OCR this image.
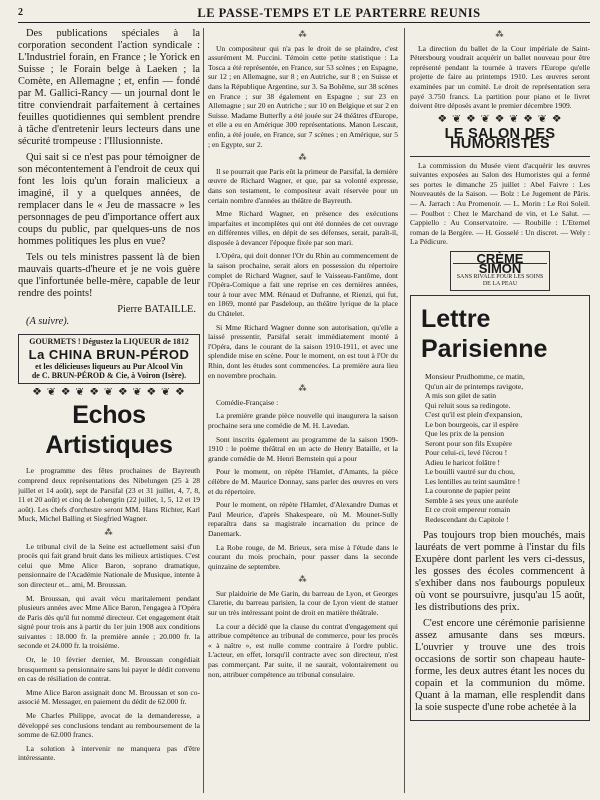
2	LE PASSE-TEMPS ET LE PARTERRE REUNIS

Des publications spéciales à la corporation secondent l'action syndicale : L'Industriel forain, en France ; le Yorick en Suisse ; le Forain belge à Laeken ; la Comète, en Allemagne ; et, enfin — fondé par M. Gallici-Rancy — un journal dont le titre conviendrait parfaitement à certaines feuilles quotidiennes qui semblent prendre à tâche d'entretenir leurs lecteurs dans une sécurité trompeuse : l'Illusionniste.

Qui sait si ce n'est pas pour témoigner de son mécontentement à l'endroit de ceux qui font les lois qu'un forain malicieux a imaginé, il y a quelques années, de remplacer dans le « Jeu de massacre » les personnages de peu d'importance offert aux coups du public, par quelques-uns de nos hommes politiques les plus en vue?

Tels ou tels ministres passent là de bien mauvais quarts-d'heure et je ne vois guère que l'infortunée belle-mère, capable de leur rendre des points!

Pierre BATAILLE.
(A suivre).
GOURMETS ! Dégustez la LIQUEUR de 1812
La CHINA BRUN-PÉROD
et les délicieuses liqueurs au Pur Alcool Vin
de C. BRUN-PÉROD & Cie, à Voiron (Isère).
❖ ❦ ❖ ❦ ❖ ❦ ❖ ❦ ❖ ❦ ❖
Echos Artistiques

Le programme des fêtes prochaines de Bayreuth comprend deux représentations des Nibelungen (25 à 28 juillet et 14 août), sept de Parsifal (23 et 31 juillet, 4, 7, 8, 11 et 20 août) et cinq de Lohengrin (22 juillet, 1, 5, 12 et 19 août). Les chefs d'orchestre seront MM. Hans Richter, Karl Muck, Michel Balling et Siegfried Wagner.

⁂

Le tribunal civil de la Seine est actuellement saisi d'un procès qui fait grand bruit dans les milieux artistiques. C'est celui que Mme Alice Baron, soprano dramatique, pensionnaire de l'Académie Nationale de Musique, intente à son directeur et... ami, M. Broussan.

M. Broussan, qui avait vécu maritalement pendant plusieurs années avec Mme Alice Baron, l'engagea à l'Opéra de Paris dès qu'il fut nommé directeur. Cet engagement était signé pour trois ans à partir du 1er juin 1908 aux conditions suivantes : 18.000 fr. la première année ; 20.000 fr. la seconde et 24.000 fr. la troisième.

Or, le 10 février dernier, M. Broussan congédiait brusquement sa pensionnaire sans lui payer le dédit convenu en cas de résiliation de contrat.

Mme Alice Baron assignait donc M. Broussan et son co-associé M. Messager, en paiement du dédit de 62.000 fr.

Me Charles Philippe, avocat de la demanderesse, a développé ses conclusions tendant au remboursement de la somme de 62.000 francs.

La solution à intervenir ne manquera pas d'être intéressante.

⁂

Un compositeur qui n'a pas le droit de se plaindre, c'est assurément M. Puccini. Témoin cette petite statistique : La Tosca a été représentée, en France, sur 53 scènes ; en Espagne, sur 12 ; en Allemagne, sur 8 ; en Autriche, sur 8 ; en Suisse et dans la République Argentine, sur 3. Sa Bohême, sur 38 scènes en France ; sur 38 également en Espagne ; sur 23 en Allemagne ; sur 20 en Autriche ; sur 10 en Belgique et sur 2 en Suisse. Madame Butterfly a été jouée sur 24 théâtres d'Europe, et elle a eu en Amérique 300 représentations. Manon Lescaut, enfin, a été jouée, en France, sur 7 scènes ; en Amérique, sur 5 ; en Egypte, sur 2.

⁂

Il se pourrait que Paris eût la primeur de Parsifal, la dernière œuvre de Richard Wagner, et que, par sa volonté expresse, dans son testament, le compositeur avait réservée pour un certain nombre d'années au théâtre de Bayreuth.

Mme Richard Wagner, en présence des exécutions imparfaites et incomplètes qui ont été données de cet ouvrage en différentes villes, en dépit de ses défenses, serait, paraît-il, disposée à devancer l'époque fixée par son mari.

L'Opéra, qui doit donner l'Or du Rhin au commencement de la saison prochaine, serait alors en possession du répertoire complet de Richard Wagner, sauf le Vaisseau-Fantôme, dont l'Opéra-Comique a fait une reprise en ces dernières années, tour à tour avec MM. Rénaud et Dufranne, et Rienzi, qui fut, en 1869, monté par Pasdeloup, au théâtre lyrique de la place du Châtelet.

Si Mme Richard Wagner donne son autorisation, qu'elle a laissé pressentir, Parsifal serait immédiatement monté à l'Opéra, dans le courant de la saison 1910-1911, et avec une splendide mise en scène. Pour le moment, on est tout à l'Or du Rhin, dont les études sont commencées. La première aura lieu en novembre prochain.

⁂

Comédie-Française :

La première grande pièce nouvelle qui inaugurera la saison prochaine sera une comédie de M. H. Lavedan.

Sont inscrits également au programme de la saison 1909-1910 : le poème théâtral en un acte de Henry Bataille, et la grande comédie de M. Henri Bernstein qui a pour

Pour le moment, on répète l'Hamlet, d'Amants, la pièce célèbre de M. Maurice Donnay, sans parler des œuvres en vers et du répertoire.

Pour le moment, on répète l'Hamlet, d'Alexandre Dumas et Paul Meurice, d'après Shakespeare, où M. Mounet-Sully reparaîtra dans sa magistrale incarnation du prince de Danemark.

La Robe rouge, de M. Brieux, sera mise à l'étude dans le courant du mois prochain, pour passer dans la seconde quinzaine de septembre.

⁂

Sur plaidoirie de Me Garin, du barreau de Lyon, et Georges Claretie, du barreau parisien, la cour de Lyon vient de statuer sur un très intéressant point de droit en matière théâtrale.

La cour a décidé que la clause du contrat d'engagement qui attribue compétence au tribunal de commerce, pour les procès « à naître », est nulle comme contraire à l'ordre public. L'acteur, en effet, lorsqu'il contracte avec son directeur, n'est pas commerçant. Par suite, il ne saurait, volontairement ou non, attribuer compétence au tribunal consulaire.

⁂

La direction du ballet de la Cour impériale de Saint-Pétersbourg voudrait acquérir un ballet nouveau pour être représenté pendant la tournée à travers l'Europe qu'elle projette de faire au printemps 1910. Les œuvres seront examinées par un comité. Le droit de représentation sera payé 3.750 francs. La partition pour piano et le livret doivent être déposés avant le premier décembre 1909.

❖ ❦ ❖ ❦ ❖ ❦ ❖ ❦ ❖
LE SALON DES HUMORISTES

La commission du Musée vient d'acquérir les œuvres suivantes exposées au Salon des Humoristes qui a fermé ses portes le dimanche 25 juillet : Abel Faivre : Les Nouveautés de la Saison. — Bolz : Le Jugement de Pâris. — A. Jarrach : Au Promenoir. — L. Morin : Le Roi Soleil. — Poulbot : Chez le Marchand de vin, et Le Salut. — Cappiello : Au Conservatoire. — Roubille : L'Eternel roman de la Bergère. — H. Gosselé : Un discret. — Wely : La Pédicure.

CRÈME
SIMON
SANS RIVALE POUR LES SOINS DE LA PEAU
Lettre Parisienne
Monsieur Prudhomme, ce matin,
Qu'un air de printemps ravigote,
A mis son gilet de satin
Qui reluit sous sa redingote.
C'est qu'il est plein d'expansion,
Le bon bourgeois, car il espère
Que les prix de la pension
Seront pour son fils Exupère
Pour celui-ci, levé l'écrou !
Adieu le haricot folâtre !
Le bouilli vautré sur du chou,
Les lentilles au teint saumâtre !
La couronne de papier peint
Semble à ses yeux une auréole
Et ce croit empereur romain
Redescendant du Capitole !

Pas toujours trop bien mouchés, mais lauréats de vert pomme à l'instar du fils Exupère dont parlent les vers ci-dessus, les gosses des écoles commencent à s'exhiber dans nos faubourgs populeux où vont se poursuivre, jusqu'au 15 août, les distributions des prix.

C'est encore une cérémonie parisienne assez amusante dans ses mœurs. L'ouvrier y trouve une des trois occasions de sortir son chapeau haute-forme, les deux autres étant les noces du copain et la communion du môme. Quant à la maman, elle resplendit dans la soie suspecte d'une robe achetée à la
